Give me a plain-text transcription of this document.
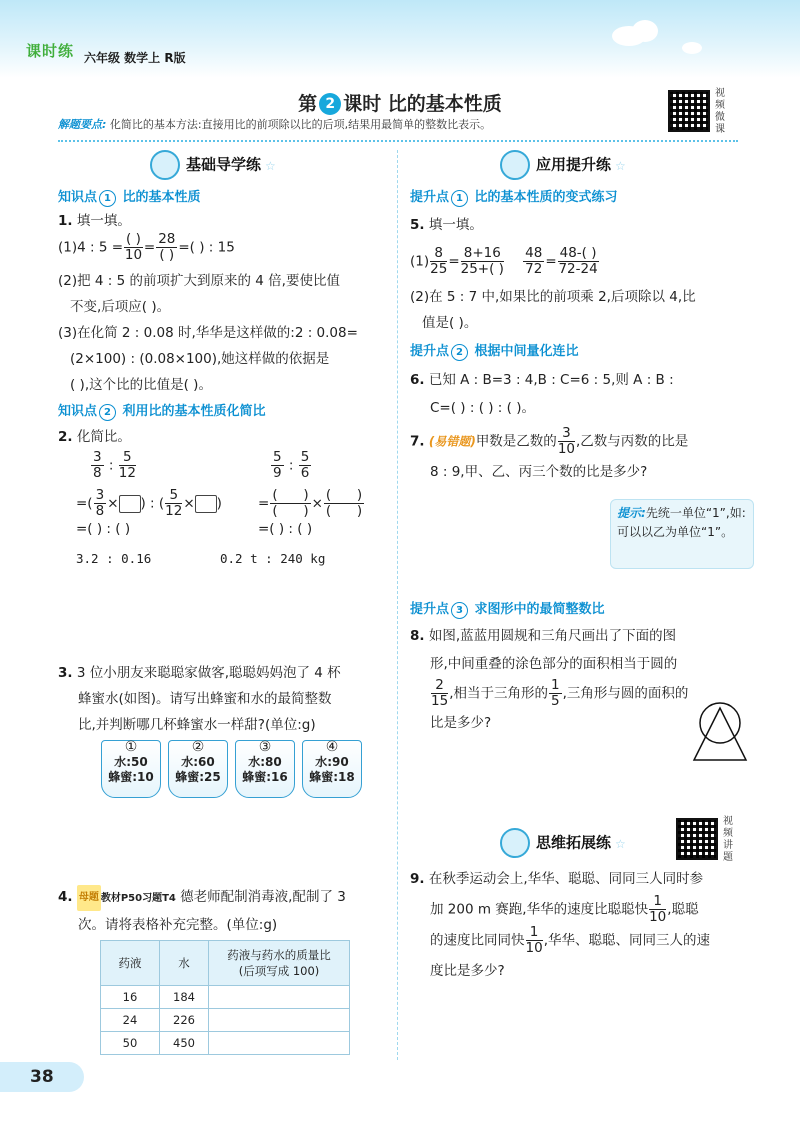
课时练 六年级 数学上 R版
第 2 课时 比的基本性质	视频微课
解题要点: 化简比的基本方法:直接用比的前项除以比的后项,结果用最简单的整数比表示。
基础导学练 ☆
知识点 1 比的基本性质
1. 填一填。
(1)4 : $5 = \frac{( )}{10} = \frac{28}{( )}$ =( ) : 15
(2)把 4 : 5 的前项扩大到原来的 4 倍,要使比值
不变,后项应( )。
(3)在化简 2 : 0.08 时,华华是这样做的:2 : 0.08=
(2×100) : (0.08×100),她这样做的依据是
( ),这个比的比值是( )。
知识点 2 利用比的基本性质化简比
2. 化简比。
$\frac{3}{8}$ : $\frac{5}{12}$	$\frac{5}{9}$ : $\frac{5}{6}$
=( $\frac{3}{8}$ × ) : ( $\frac{5}{12}$ × )	= $\frac{( )}{( )} \times \frac{( )}{( )}$
=( ) : ( )	=( ) : ( )
3.2 : 0.16	0.2 t : 240 kg
3. 3 位小朋友来聪聪家做客,聪聪妈妈泡了 4 杯
蜂蜜水(如图)。请写出蜂蜜和水的最简整数
比,并判断哪几杯蜂蜜水一样甜?(单位:g)
①
水:50
蜂蜜:10
②
水:60
蜂蜜:25
③
水:80
蜂蜜:16
④
水:90
蜂蜜:18
4. 母题 教材P50习题T4 德老师配制消毒液,配制了 3
次。请将表格补充完整。(单位:g)
药液	水	药液与药水的质量比
(后项写成 100)

16	184	
24	226	
50	450	
应用提升练 ☆
提升点 1 比的基本性质的变式练习
5. 填一填。
$(1) \frac{8}{25} = \frac{8+16}{25+( )}$
$\frac{48}{72} = \frac{48-( )}{72-24}$
(2)在 5 : 7 中,如果比的前项乘 2,后项除以 4,比
值是( )。
提升点 2 根据中间量化连比
6. 已知 A : B=3 : 4,B : C=6 : 5,则 A : B :
C=( ) : ( ) : ( )。
7. (易错题)甲数是乙数的 $\frac{3}{10}$ ,乙数与丙数的比是
8 : 9,甲、乙、丙三个数的比是多少?
提示:先统一单位“1”,如:可以以乙为单位“1”。
提升点 3 求图形中的最简整数比
8. 如图,蓝蓝用圆规和三角尺画出了下面的图
形,中间重叠的涂色部分的面积相当于圆的
$\frac{2}{15}$ ,相当于三角形的 $\frac{1}{5}$ ,三角形与圆的面积的
比是多少?
思维拓展练 ☆
视频讲题
9. 在秋季运动会上,华华、聪聪、同同三人同时参
加 200 m 赛跑,华华的速度比聪聪快 $\frac{1}{10}$ ,聪聪
的速度比同同快 $\frac{1}{10}$ ,华华、聪聪、同同三人的速
度比是多少?
38
